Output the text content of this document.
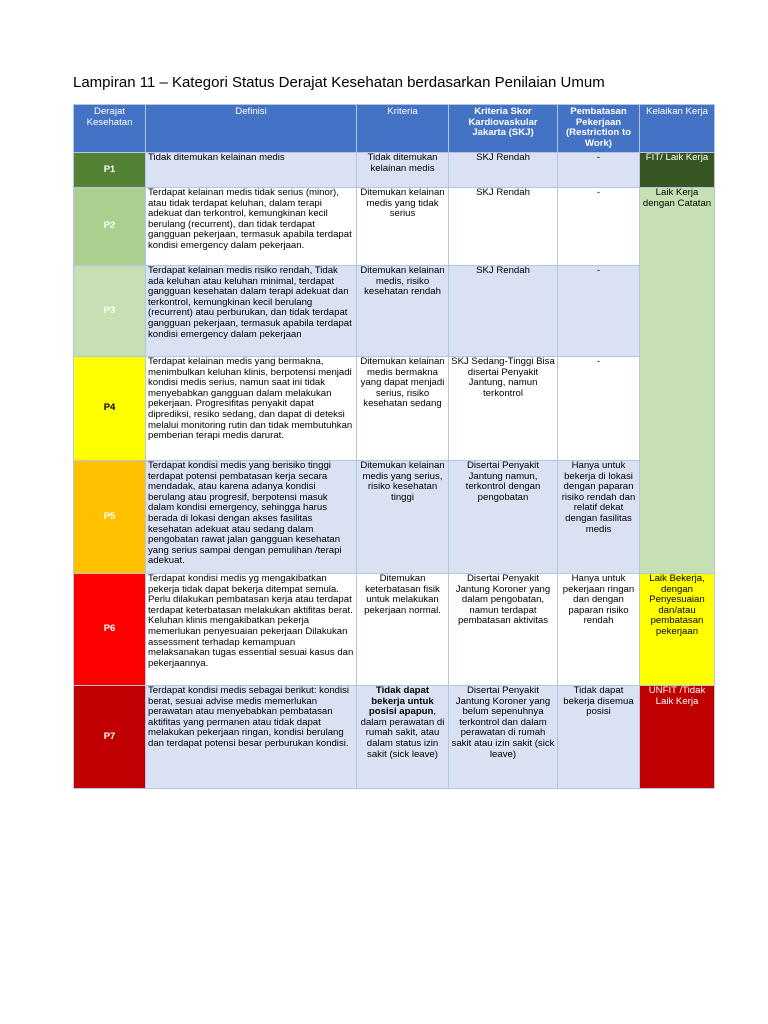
Lampiran 11 – Kategori Status Derajat Kesehatan berdasarkan Penilaian Umum
Derajat Kesehatan	Definisi	Kriteria	Kriteria Skor Kardiovaskular Jakarta (SKJ)	Pembatasan Pekerjaan (Restriction to Work)	Kelaikan Kerja
P1	Tidak ditemukan kelainan medis	Tidak ditemukan kelainan medis	SKJ Rendah	-	FIT/ Laik Kerja
P2	Terdapat kelainan medis tidak serius (minor), atau tidak terdapat keluhan, dalam terapi adekuat dan terkontrol, kemungkinan kecil berulang (recurrent), dan tidak terdapat gangguan pekerjaan, termasuk apabila terdapat kondisi emergency dalam pekerjaan.	Ditemukan kelainan medis yang tidak serius	SKJ Rendah	-	Laik Kerja dengan Catatan
P3	Terdapat kelainan medis risiko rendah, Tidak ada keluhan atau keluhan minimal, terdapat gangguan kesehatan dalam terapi adekuat dan terkontrol, kemungkinan kecil berulang (recurrent) atau perburukan, dan tidak terdapat gangguan pekerjaan, termasuk apabila terdapat kondisi emergency dalam pekerjaan	Ditemukan kelainan medis, risiko kesehatan rendah	SKJ Rendah	-	
P4	Terdapat kelainan medis yang bermakna, menimbulkan keluhan klinis, berpotensi menjadi kondisi medis serius, namun saat ini tidak menyebabkan gangguan dalam melakukan pekerjaan. Progresifitas penyakit dapat diprediksi, resiko sedang, dan dapat di deteksi melalui monitoring rutin dan tidak membutuhkan pemberian terapi medis darurat.	Ditemukan kelainan medis bermakna yang dapat menjadi serius, risiko kesehatan sedang	SKJ Sedang-Tinggi Bisa disertai Penyakit Jantung, namun terkontrol	-	
P5	Terdapat kondisi medis yang berisiko tinggi terdapat potensi pembatasan kerja secara mendadak, atau karena adanya kondisi berulang atau progresif, berpotensi masuk dalam kondisi emergency, sehingga harus berada di lokasi dengan akses fasilitas kesehatan adekuat atau sedang dalam pengobatan rawat jalan gangguan kesehatan yang serius sampai dengan pemulihan /terapi adekuat.	Ditemukan kelainan medis yang serius, risiko kesehatan tinggi	Disertai Penyakit Jantung namun, terkontrol dengan pengobatan	Hanya untuk bekerja di lokasi dengan paparan risiko rendah dan relatif dekat dengan fasilitas medis	
P6	Terdapat kondisi medis yg mengakibatkan pekerja tidak dapat bekerja ditempat semula. Perlu dilakukan pembatasan kerja atau terdapat terdapat keterbatasan melakukan aktifitas berat. Keluhan klinis mengakibatkan pekerja memerlukan penyesuaian pekerjaan Dilakukan assessment terhadap kemampuan melaksanakan tugas essential sesuai kasus dan pekerjaannya.	Ditemukan keterbatasan fisik untuk melakukan pekerjaan normal.	Disertai Penyakit Jantung Koroner yang dalam pengobatan, namun terdapat pembatasan aktivitas	Hanya untuk pekerjaan ringan dan dengan paparan risiko rendah	Laik Bekerja, dengan Penyesuaian dan/atau pembatasan pekerjaan
P7	Terdapat kondisi medis sebagai berikut: kondisi berat, sesuai advise medis memerlukan perawatan atau menyebabkan pembatasan aktifitas yang permanen atau tidak dapat melakukan pekerjaan ringan, kondisi berulang dan terdapat potensi besar perburukan kondisi.	Tidak dapat bekerja untuk posisi apapun, dalam perawatan di rumah sakit, atau dalam status izin sakit (sick leave)	Disertai Penyakit Jantung Koroner yang belum sepenuhnya terkontrol dan dalam perawatan di rumah sakit atau izin sakit (sick leave)	Tidak dapat bekerja disemua posisi	UNFIT /Tidak Laik Kerja
